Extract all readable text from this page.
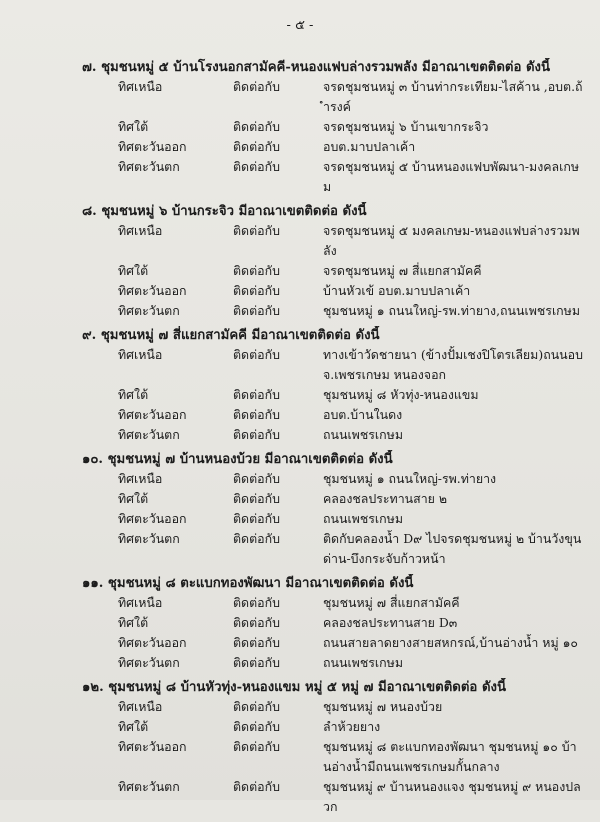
- ๕ -
๗. ชุมชนหมู่ ๕ บ้านโรงนอกสามัคคี-หนองแฟบล่างรวมพลัง มีอาณาเขตติดต่อ ดังนี้
ทิศเหนือ	ติดต่อกับ	จรดชุมชนหมู่ ๓ บ้านท่ากระเทียม-ไสค้าน ,อบต.ถ้ำรงค์
ทิศใต้	ติดต่อกับ	จรดชุมชนหมู่ ๖ บ้านเขากระจิว
ทิศตะวันออก	ติดต่อกับ	อบต.มาบปลาเค้า
ทิศตะวันตก	ติดต่อกับ	จรดชุมชนหมู่ ๕ บ้านหนองแฟบพัฒนา-มงคลเกษม
๘. ชุมชนหมู่ ๖ บ้านกระจิว มีอาณาเขตติดต่อ ดังนี้
ทิศเหนือ	ติดต่อกับ	จรดชุมชนหมู่ ๕ มงคลเกษม-หนองแฟบล่างรวมพลัง
ทิศใต้	ติดต่อกับ	จรดชุมชนหมู่ ๗ สี่แยกสามัคคี
ทิศตะวันออก	ติดต่อกับ	บ้านหัวเข้ อบต.มาบปลาเค้า
ทิศตะวันตก	ติดต่อกับ	ชุมชนหมู่ ๑ ถนนใหญ่-รพ.ท่ายาง,ถนนเพชรเกษม
๙. ชุมชนหมู่ ๗ สี่แยกสามัคคี มีอาณาเขตติดต่อ ดังนี้
ทิศเหนือ	ติดต่อกับ	ทางเข้าวัดชายนา (ข้างปั้มเชงปิโตรเลียม)ถนนอบจ.เพชรเกษม หนองจอก
ทิศใต้	ติดต่อกับ	ชุมชนหมู่ ๘ หัวทุ่ง-หนองแขม
ทิศตะวันออก	ติดต่อกับ	อบต.บ้านในดง
ทิศตะวันตก	ติดต่อกับ	ถนนเพชรเกษม
๑๐. ชุมชนหมู่ ๗ บ้านหนองบ้วย มีอาณาเขตติดต่อ ดังนี้
ทิศเหนือ	ติดต่อกับ	ชุมชนหมู่ ๑ ถนนใหญ่-รพ.ท่ายาง
ทิศใต้	ติดต่อกับ	คลองชลประทานสาย ๒
ทิศตะวันออก	ติดต่อกับ	ถนนเพชรเกษม
ทิศตะวันตก	ติดต่อกับ	ติดกับคลองน้ำ D๙ ไปจรดชุมชนหมู่ ๒ บ้านวังขุนด่าน-บึงกระจับก้าวหน้า
๑๑. ชุมชนหมู่ ๘ ตะแบกทองพัฒนา มีอาณาเขตติดต่อ ดังนี้
ทิศเหนือ	ติดต่อกับ	ชุมชนหมู่ ๗ สี่แยกสามัคคี
ทิศใต้	ติดต่อกับ	คลองชลประทานสาย D๓
ทิศตะวันออก	ติดต่อกับ	ถนนสายลาดยางสายสหกรณ์,บ้านอ่างน้ำ หมู่ ๑๐
ทิศตะวันตก	ติดต่อกับ	ถนนเพชรเกษม
๑๒. ชุมชนหมู่ ๘ บ้านหัวทุ่ง-หนองแขม หมู่ ๕ หมู่ ๗ มีอาณาเขตติดต่อ ดังนี้
ทิศเหนือ	ติดต่อกับ	ชุมชนหมู่ ๗ หนองบ้วย
ทิศใต้	ติดต่อกับ	ลำห้วยยาง
ทิศตะวันออก	ติดต่อกับ	ชุมชนหมู่ ๘ ตะแบกทองพัฒนา ชุมชนหมู่ ๑๐ บ้านอ่างน้ำมีถนนเพชรเกษมกั้นกลาง
ทิศตะวันตก	ติดต่อกับ	ชุมชนหมู่ ๙ บ้านหนองแจง ชุมชนหมู่ ๙ หนองปลวก
